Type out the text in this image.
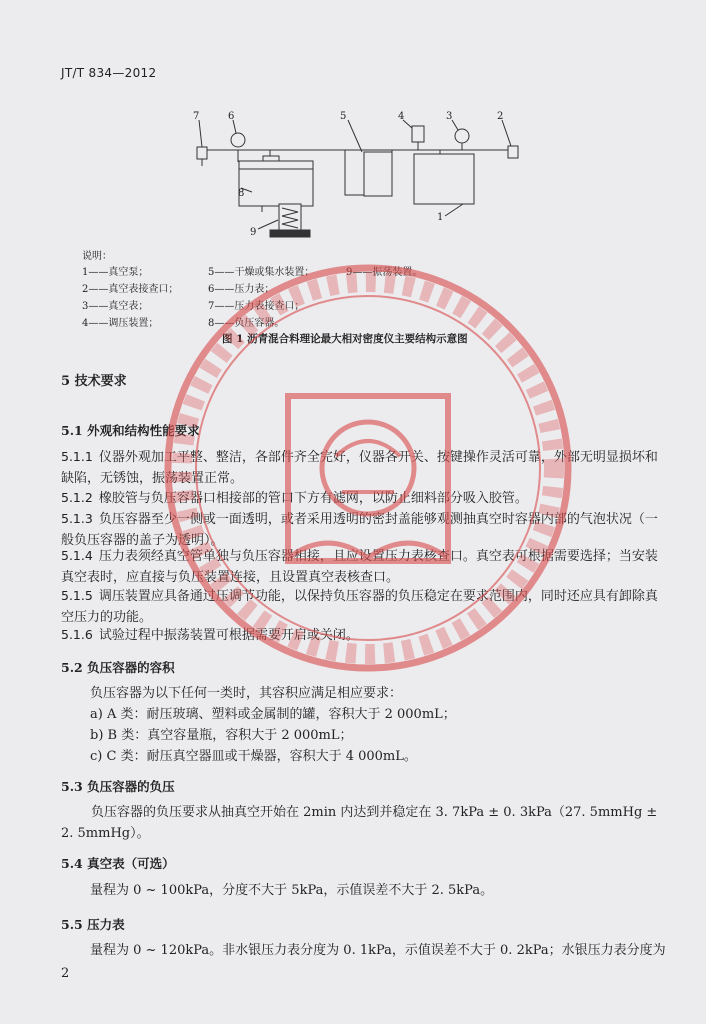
JT/T 834—2012
7	6	5	4	3	2
8
9
1
说明：
1——真空泵；	5——干燥或集水装置；	9——振荡装置。
2——真空表接查口；	6——压力表；
3——真空表；	7——压力表接查口；
4——调压装置；	8——负压容器。
图 1 沥青混合料理论最大相对密度仪主要结构示意图
5 技术要求
5.1 外观和结构性能要求
5.1.1 仪器外观加工平整、整洁，各部件齐全完好，仪器各开关、按键操作灵活可靠，外部无明显损坏和缺陷，无锈蚀，振荡装置正常。
5.1.2 橡胶管与负压容器口相接部的管口下方有滤网，以防止细料部分吸入胶管。
5.1.3 负压容器至少一侧或一面透明，或者采用透明的密封盖能够观测抽真空时容器内部的气泡状况（一般负压容器的盖子为透明）。
5.1.4 压力表须经真空管单独与负压容器相接，且应设置压力表核查口。真空表可根据需要选择；当安装真空表时，应直接与负压装置连接，且设置真空表核查口。
5.1.5 调压装置应具备通过压调节功能，以保持负压容器的负压稳定在要求范围内，同时还应具有卸除真空压力的功能。
5.1.6 试验过程中振荡装置可根据需要开启或关闭。
5.2 负压容器的容积
负压容器为以下任何一类时，其容积应满足相应要求：
a) A 类：耐压玻璃、塑料或金属制的罐，容积大于 2 000mL；
b) B 类：真空容量瓶，容积大于 2 000mL；
c) C 类：耐压真空器皿或干燥器，容积大于 4 000mL。
5.3 负压容器的负压
负压容器的负压要求从抽真空开始在 2min 内达到并稳定在 3. 7kPa ± 0. 3kPa（27. 5mmHg ± 2. 5mmHg）。
5.4 真空表（可选）
量程为 0 ~ 100kPa，分度不大于 5kPa，示值误差不大于 2. 5kPa。
5.5 压力表
量程为 0 ~ 120kPa。非水银压力表分度为 0. 1kPa，示值误差不大于 0. 2kPa；水银压力表分度为
2
